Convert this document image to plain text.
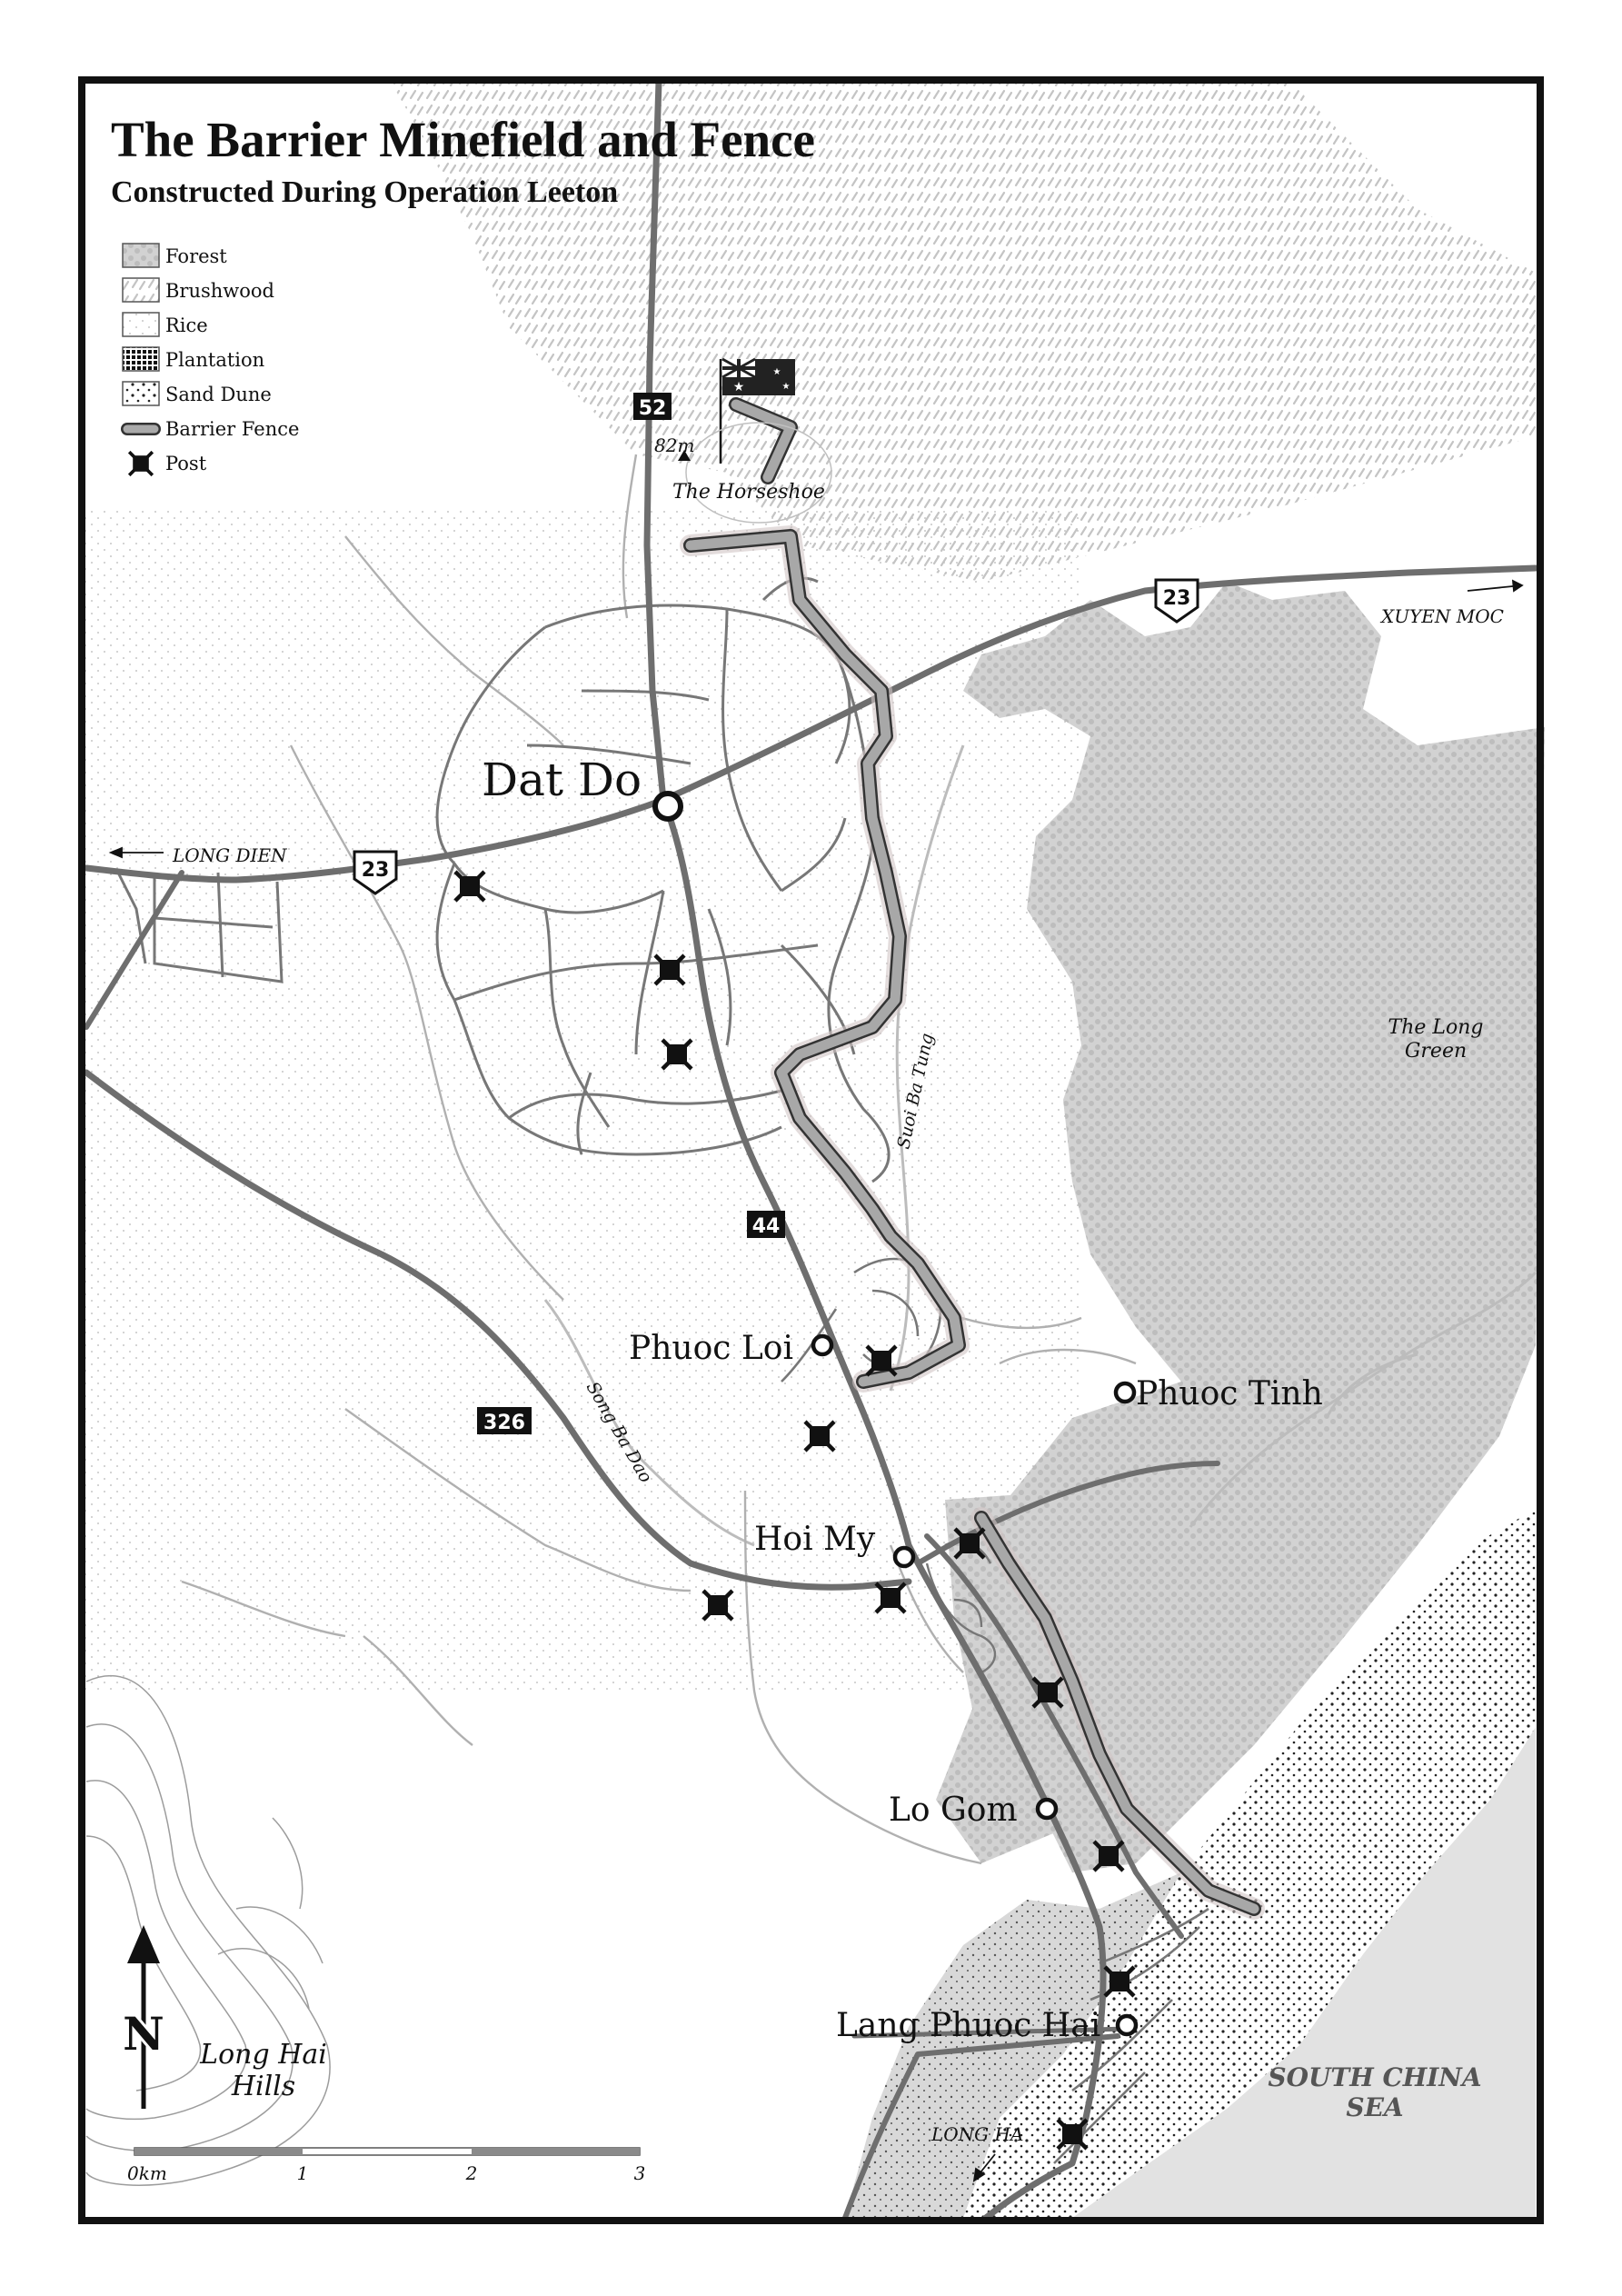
★
★
★
52
23
23
44
326
The Barrier Minefield and Fence
Constructed During Operation Leeton
Forest
Brushwood
Rice
Plantation
Sand Dune
Barrier Fence
Post
Dat Do
Phuoc Loi
Phuoc Tinh
Hoi My
Lo Gom
Lang Phuoc Hai
The Horseshoe
82m
The Long
Green
Long Hai
Hills
Suoi Ba Tung
Song Ba Dao
XUYEN MOC
LONG DIEN
LONG HA
SOUTH CHINA
SEA
N
0km	1	2	3
